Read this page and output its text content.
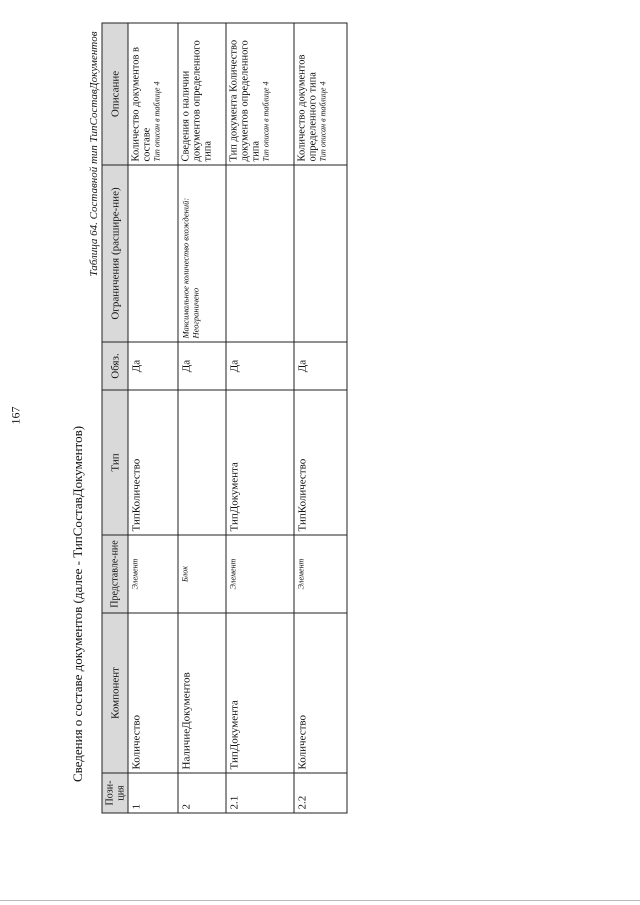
167
Сведения о составе документов (далее - ТипСоставДокументов)
Таблица 64. Составной тип ТипСоставДокументов
Пози-ция	Компонент	Представле-ние	Тип	Обяз.	Ограничения (расшире-ние)	Описание
1	Количество	Элемент	ТипКоличество	Да		Количество документов в составе Тип описан в таблице 4

2	НаличиеДокументов	Блок		Да	Максимальное количество вхождений: Неограничено	Сведения о наличии документов определенного типа

2.1	ТипДокумента	Элемент	ТипДокумента	Да		Тип документа Количество документов определенного типа Тип описан в таблице 4

2.2	Количество	Элемент	ТипКоличество	Да		Количество документов определенного типа Тип описан в таблице 4
